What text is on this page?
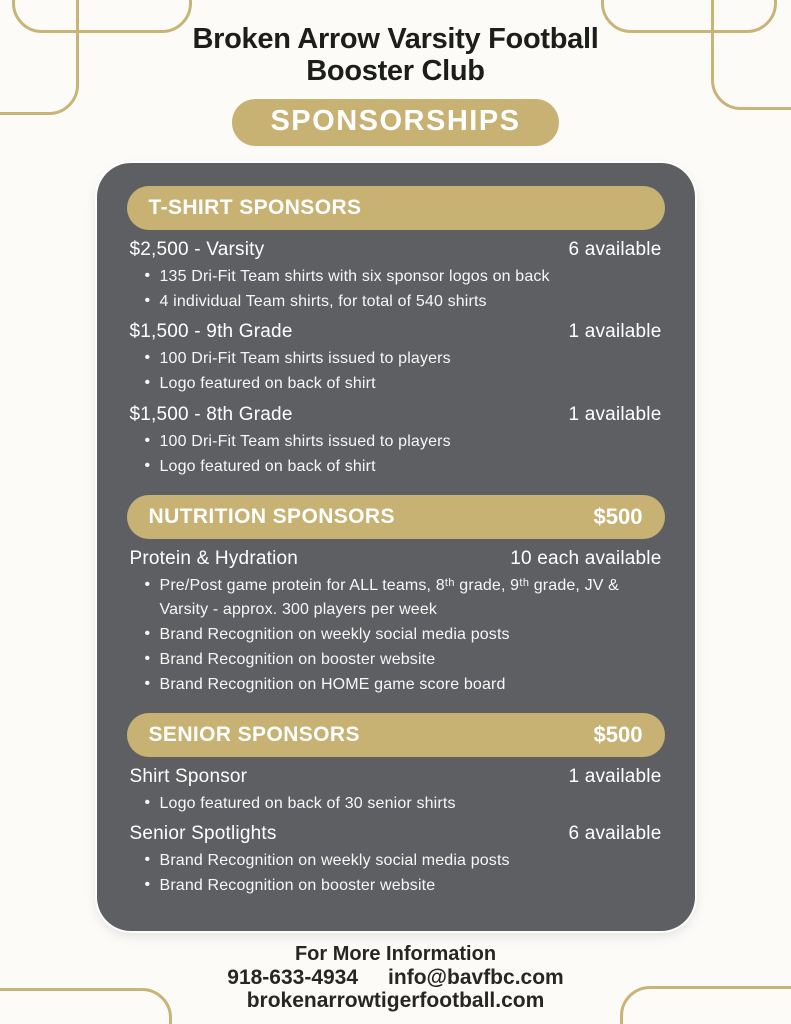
Broken Arrow Varsity Football
Booster Club
SPONSORSHIPS
T-SHIRT SPONSORS
$2,500 - Varsity	6 available
• 135 Dri-Fit Team shirts with six sponsor logos on back
• 4 individual Team shirts, for total of 540 shirts
$1,500 - 9th Grade	1 available
• 100 Dri-Fit Team shirts issued to players
• Logo featured on back of shirt
$1,500 - 8th Grade	1 available
• 100 Dri-Fit Team shirts issued to players
• Logo featured on back of shirt
NUTRITION SPONSORS	$500
Protein & Hydration	10 each available
• Pre/Post game protein for ALL teams, 8ᵗʰ grade, 9ᵗʰ grade, JV & Varsity - approx. 300 players per week
• Brand Recognition on weekly social media posts
• Brand Recognition on booster website
• Brand Recognition on HOME game score board
SENIOR SPONSORS	$500
Shirt Sponsor	1 available
• Logo featured on back of 30 senior shirts
Senior Spotlights	6 available
• Brand Recognition on weekly social media posts
• Brand Recognition on booster website
For More Information
918-633-4934 info@bavfbc.com
brokenarrowtigerfootball.com
